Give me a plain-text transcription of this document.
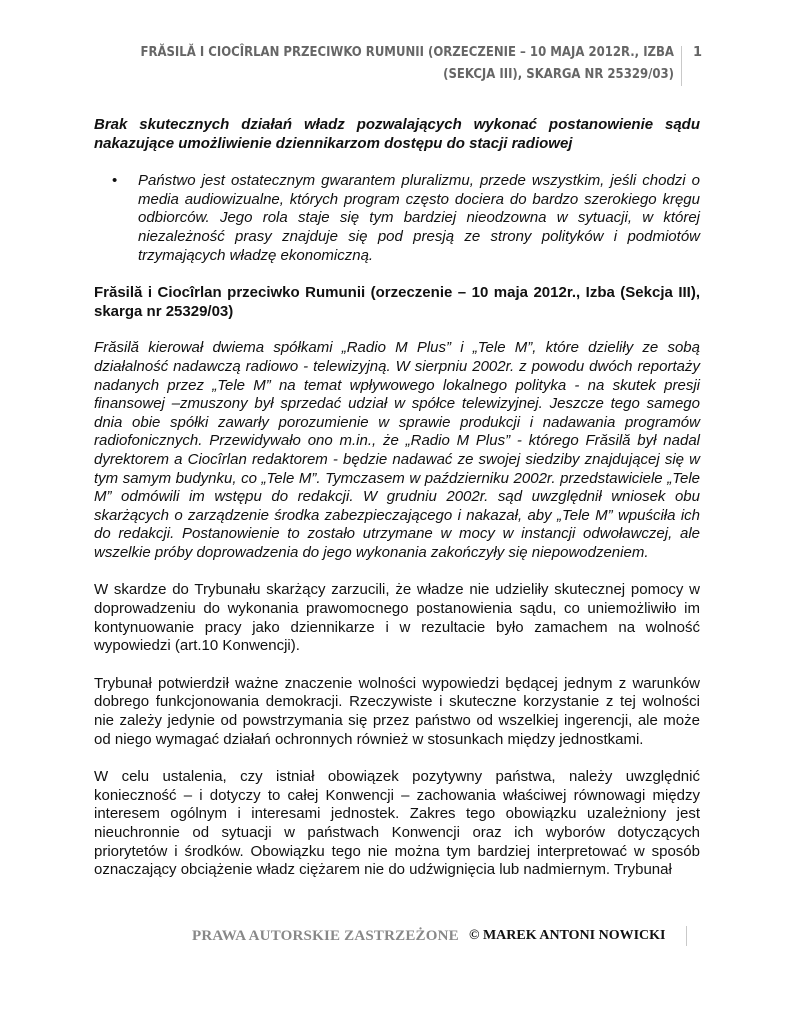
FRĂSILĂ I CIOCÎRLAN PRZECIWKO RUMUNII (ORZECZENIE – 10 MAJA 2012R., IZBA (SEKCJA III), SKARGA NR 25329/03)
1

Brak skutecznych działań władz pozwalających wykonać postanowienie sądu nakazujące umożliwienie dziennikarzom dostępu do stacji radiowej

• Państwo jest ostatecznym gwarantem pluralizmu, przede wszystkim, jeśli chodzi o media audiowizualne, których program często dociera do bardzo szerokiego kręgu odbiorców. Jego rola staje się tym bardziej nieodzowna w sytuacji, w której niezależność prasy znajduje się pod presją ze strony polityków i podmiotów trzymających władzę ekonomiczną.

Frăsilă i Ciocîrlan przeciwko Rumunii (orzeczenie – 10 maja 2012r., Izba (Sekcja III), skarga nr 25329/03)

Frăsilă kierował dwiema spółkami „Radio M Plus” i „Tele M”, które dzieliły ze sobą działalność nadawczą radiowo - telewizyjną. W sierpniu 2002r. z powodu dwóch reportaży nadanych przez „Tele M” na temat wpływowego lokalnego polityka - na skutek presji finansowej –zmuszony był sprzedać udział w spółce telewizyjnej. Jeszcze tego samego dnia obie spółki zawarły porozumienie w sprawie produkcji i nadawania programów radiofonicznych. Przewidywało ono m.in., że „Radio M Plus” - którego Frăsilă był nadal dyrektorem a Ciocîrlan redaktorem - będzie nadawać ze swojej siedziby znajdującej się w tym samym budynku, co „Tele M”. Tymczasem w październiku 2002r. przedstawiciele „Tele M” odmówili im wstępu do redakcji. W grudniu 2002r. sąd uwzględnił wniosek obu skarżących o zarządzenie środka zabezpieczającego i nakazał, aby „Tele M” wpuściła ich do redakcji. Postanowienie to zostało utrzymane w mocy w instancji odwoławczej, ale wszelkie próby doprowadzenia do jego wykonania zakończyły się niepowodzeniem.

W skardze do Trybunału skarżący zarzucili, że władze nie udzieliły skutecznej pomocy w doprowadzeniu do wykonania prawomocnego postanowienia sądu, co uniemożliwiło im kontynuowanie pracy jako dziennikarze i w rezultacie było zamachem na wolność wypowiedzi (art.10 Konwencji).

Trybunał potwierdził ważne znaczenie wolności wypowiedzi będącej jednym z warunków dobrego funkcjonowania demokracji. Rzeczywiste i skuteczne korzystanie z tej wolności nie zależy jedynie od powstrzymania się przez państwo od wszelkiej ingerencji, ale może od niego wymagać działań ochronnych również w stosunkach między jednostkami.

W celu ustalenia, czy istniał obowiązek pozytywny państwa, należy uwzględnić konieczność – i dotyczy to całej Konwencji – zachowania właściwej równowagi między interesem ogólnym i interesami jednostek. Zakres tego obowiązku uzależniony jest nieuchronnie od sytuacji w państwach Konwencji oraz ich wyborów dotyczących priorytetów i środków. Obowiązku tego nie można tym bardziej interpretować w sposób oznaczający obciążenie władz ciężarem nie do udźwignięcia lub nadmiernym. Trybunał

PRAWA AUTORSKIE ZASTRZEŻONE © MAREK ANTONI NOWICKI
